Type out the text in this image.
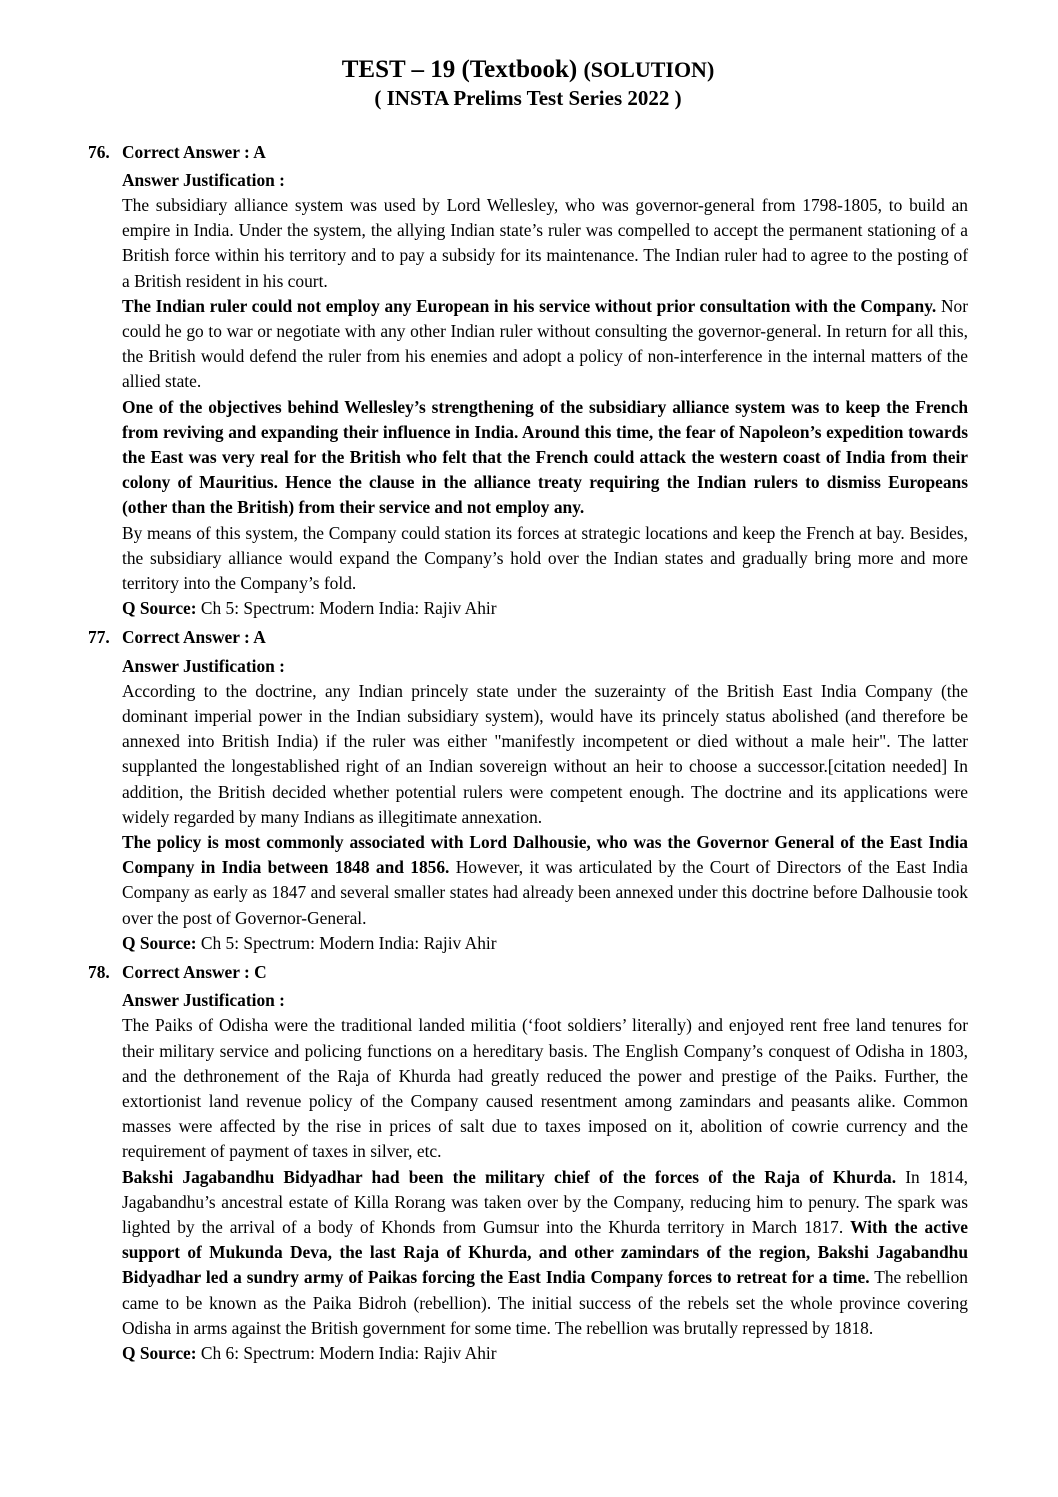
TEST – 19 (Textbook) (SOLUTION)
( INSTA Prelims Test Series 2022 )
76. Correct Answer : A
Answer Justification :

The subsidiary alliance system was used by Lord Wellesley, who was governor-general from 1798-1805, to build an empire in India. Under the system, the allying Indian state’s ruler was compelled to accept the permanent stationing of a British force within his territory and to pay a subsidy for its maintenance. The Indian ruler had to agree to the posting of a British resident in his court.

The Indian ruler could not employ any European in his service without prior consultation with the Company. Nor could he go to war or negotiate with any other Indian ruler without consulting the governor-general. In return for all this, the British would defend the ruler from his enemies and adopt a policy of non-interference in the internal matters of the allied state.

One of the objectives behind Wellesley’s strengthening of the subsidiary alliance system was to keep the French from reviving and expanding their influence in India. Around this time, the fear of Napoleon’s expedition towards the East was very real for the British who felt that the French could attack the western coast of India from their colony of Mauritius. Hence the clause in the alliance treaty requiring the Indian rulers to dismiss Europeans (other than the British) from their service and not employ any.

By means of this system, the Company could station its forces at strategic locations and keep the French at bay. Besides, the subsidiary alliance would expand the Company’s hold over the Indian states and gradually bring more and more territory into the Company’s fold.

Q Source: Ch 5: Spectrum: Modern India: Rajiv Ahir

77. Correct Answer : A
Answer Justification :

According to the doctrine, any Indian princely state under the suzerainty of the British East India Company (the dominant imperial power in the Indian subsidiary system), would have its princely status abolished (and therefore be annexed into British India) if the ruler was either "manifestly incompetent or died without a male heir". The latter supplanted the longestablished right of an Indian sovereign without an heir to choose a successor.[citation needed] In addition, the British decided whether potential rulers were competent enough. The doctrine and its applications were widely regarded by many Indians as illegitimate annexation.

The policy is most commonly associated with Lord Dalhousie, who was the Governor General of the East India Company in India between 1848 and 1856. However, it was articulated by the Court of Directors of the East India Company as early as 1847 and several smaller states had already been annexed under this doctrine before Dalhousie took over the post of Governor-General.

Q Source: Ch 5: Spectrum: Modern India: Rajiv Ahir

78. Correct Answer : C
Answer Justification :

The Paiks of Odisha were the traditional landed militia (‘foot soldiers’ literally) and enjoyed rent free land tenures for their military service and policing functions on a hereditary basis. The English Company’s conquest of Odisha in 1803, and the dethronement of the Raja of Khurda had greatly reduced the power and prestige of the Paiks. Further, the extortionist land revenue policy of the Company caused resentment among zamindars and peasants alike. Common masses were affected by the rise in prices of salt due to taxes imposed on it, abolition of cowrie currency and the requirement of payment of taxes in silver, etc.

Bakshi Jagabandhu Bidyadhar had been the military chief of the forces of the Raja of Khurda. In 1814, Jagabandhu’s ancestral estate of Killa Rorang was taken over by the Company, reducing him to penury. The spark was lighted by the arrival of a body of Khonds from Gumsur into the Khurda territory in March 1817. With the active support of Mukunda Deva, the last Raja of Khurda, and other zamindars of the region, Bakshi Jagabandhu Bidyadhar led a sundry army of Paikas forcing the East India Company forces to retreat for a time. The rebellion came to be known as the Paika Bidroh (rebellion). The initial success of the rebels set the whole province covering Odisha in arms against the British government for some time. The rebellion was brutally repressed by 1818.

Q Source: Ch 6: Spectrum: Modern India: Rajiv Ahir
